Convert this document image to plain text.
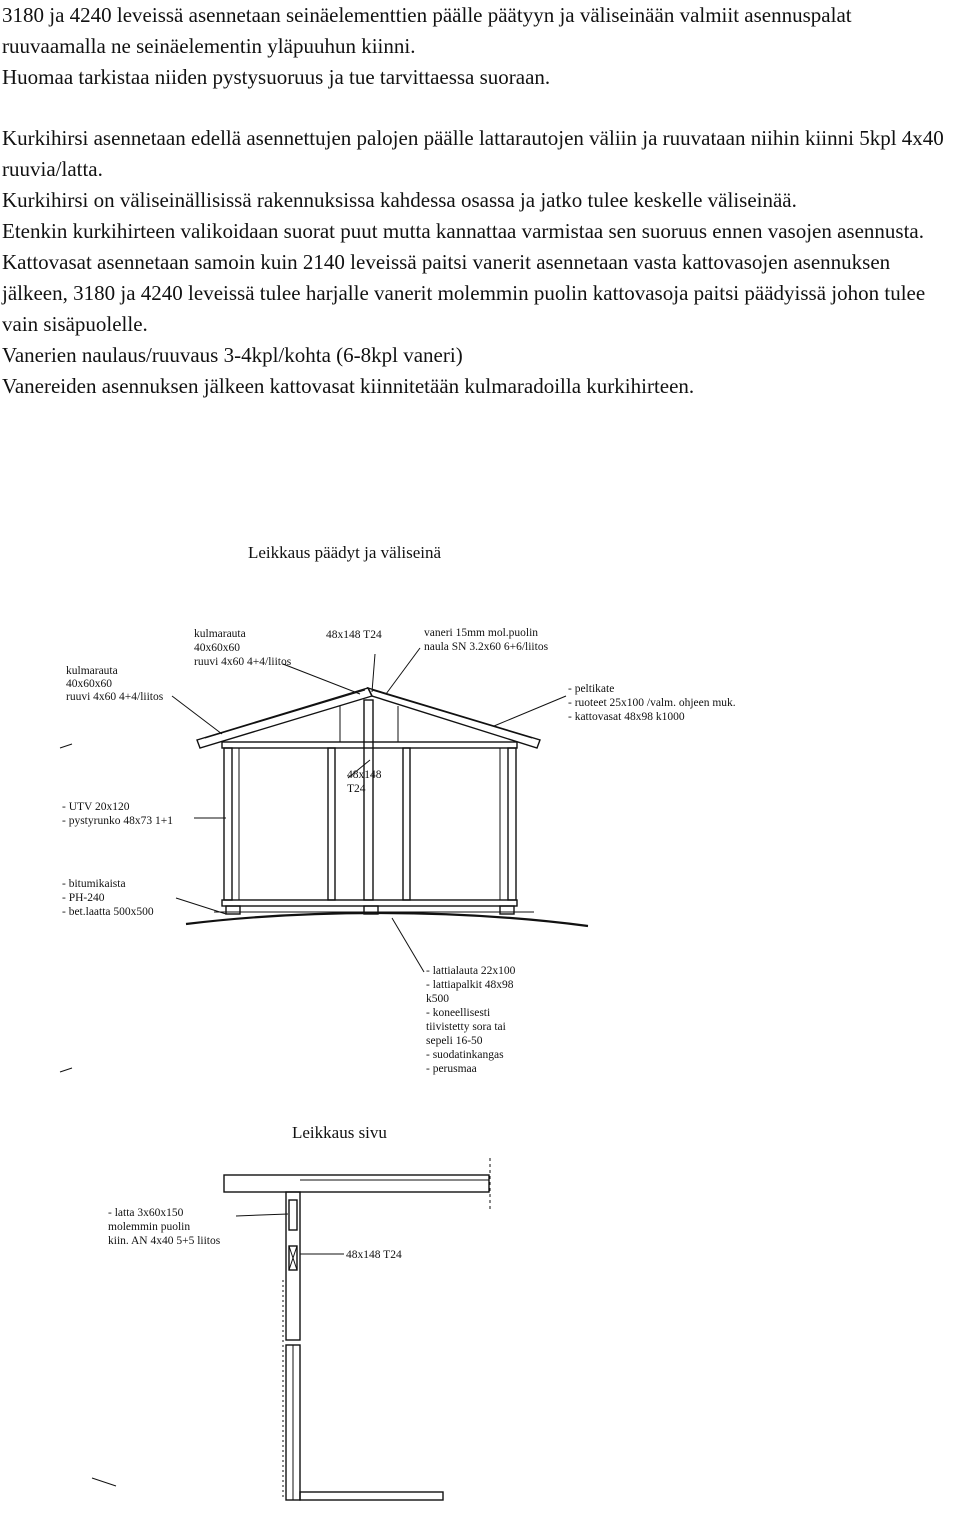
3180 ja 4240 leveissä asennetaan seinäelementtien päälle päätyyn ja väliseinään valmiit asennuspalat ruuvaamalla ne seinäelementin yläpuuhun kiinni.

Huomaa tarkistaa niiden pystysuoruus ja tue tarvittaessa suoraan.

Kurkihirsi asennetaan edellä asennettujen palojen päälle lattarautojen väliin ja ruuvataan niihin kiinni 5kpl 4x40 ruuvia/latta.

Kurkihirsi on väliseinällisissä rakennuksissa kahdessa osassa ja jatko tulee keskelle väliseinää.

Etenkin kurkihirteen valikoidaan suorat puut mutta kannattaa varmistaa sen suoruus ennen vasojen asennusta.

Kattovasat asennetaan samoin kuin 2140 leveissä paitsi vanerit asennetaan vasta kattovasojen asennuksen jälkeen, 3180 ja 4240 leveissä tulee harjalle vanerit molemmin puolin kattovasoja paitsi päädyissä johon tulee vain sisäpuolelle.

Vanerien naulaus/ruuvaus 3-4kpl/kohta (6-8kpl vaneri)

Vanereiden asennuksen jälkeen kattovasat kiinnitetään kulmaradoilla kurkihirteen.

Leikkaus päädyt ja väliseinä
kulmarauta
40x60x60
ruuvi 4x60 4+4/liitos
kulmarauta
40x60x60
ruuvi 4x60 4+4/liitos
48x148 T24	vaneri 15mm mol.puolin
naula SN 3.2x60 6+6/liitos
- peltikate
- ruoteet 25x100 /valm. ohjeen muk.
- kattovasat 48x98 k1000
48x148
T24
- UTV 20x120
- pystyrunko 48x73 1+1
- bitumikaista
- PH-240
- bet.laatta 500x500
- lattialauta 22x100
- lattiapalkit 48x98
k500
- koneellisesti
tiivistetty sora tai
sepeli 16-50
- suodatinkangas
- perusmaa
Leikkaus sivu
- latta 3x60x150
molemmin puolin
kiin. AN 4x40 5+5 liitos
48x148 T24
